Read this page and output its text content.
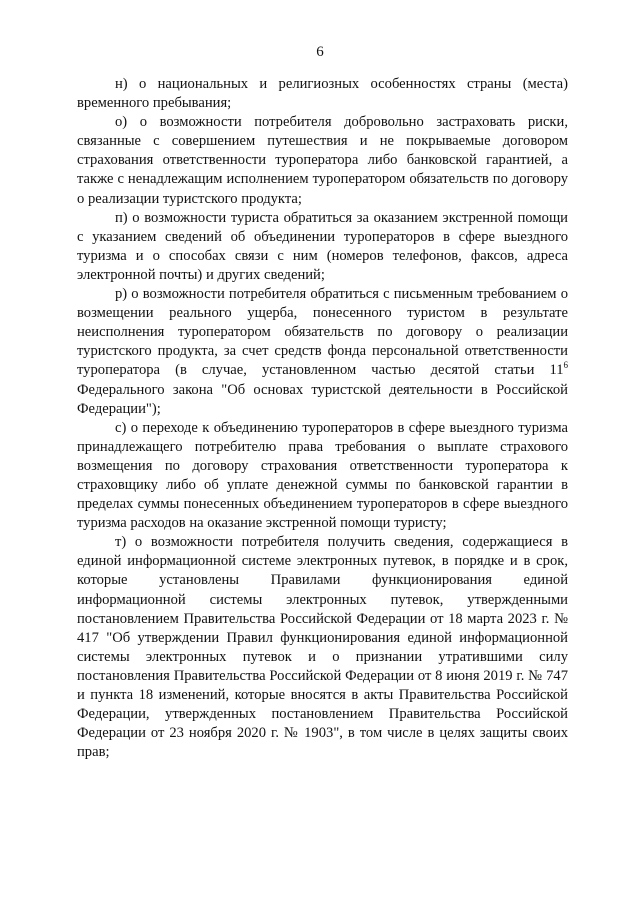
6

н) о национальных и религиозных особенностях страны (места) временного пребывания;

о) о возможности потребителя добровольно застраховать риски, связанные с совершением путешествия и не покрываемые договором страхования ответственности туроператора либо банковской гарантией, а также с ненадлежащим исполнением туроператором обязательств по договору о реализации туристского продукта;

п) о возможности туриста обратиться за оказанием экстренной помощи с указанием сведений об объединении туроператоров в сфере выездного туризма и о способах связи с ним (номеров телефонов, факсов, адреса электронной почты) и других сведений;

р) о возможности потребителя обратиться с письменным требованием о возмещении реального ущерба, понесенного туристом в результате неисполнения туроператором обязательств по договору о реализации туристского продукта, за счет средств фонда персональной ответственности туроператора (в случае, установленном частью десятой статьи $11^6$ Федерального закона "Об основах туристской деятельности в Российской Федерации");

с) о переходе к объединению туроператоров в сфере выездного туризма принадлежащего потребителю права требования о выплате страхового возмещения по договору страхования ответственности туроператора к страховщику либо об уплате денежной суммы по банковской гарантии в пределах суммы понесенных объединением туроператоров в сфере выездного туризма расходов на оказание экстренной помощи туристу;

т) о возможности потребителя получить сведения, содержащиеся в единой информационной системе электронных путевок, в порядке и в срок, которые установлены Правилами функционирования единой информационной системы электронных путевок, утвержденными постановлением Правительства Российской Федерации от 18 марта 2023 г. № 417 "Об утверждении Правил функционирования единой информационной системы электронных путевок и о признании утратившими силу постановления Правительства Российской Федерации от 8 июня 2019 г. № 747 и пункта 18 изменений, которые вносятся в акты Правительства Российской Федерации, утвержденных постановлением Правительства Российской Федерации от 23 ноября 2020 г. № 1903", в том числе в целях защиты своих прав;
